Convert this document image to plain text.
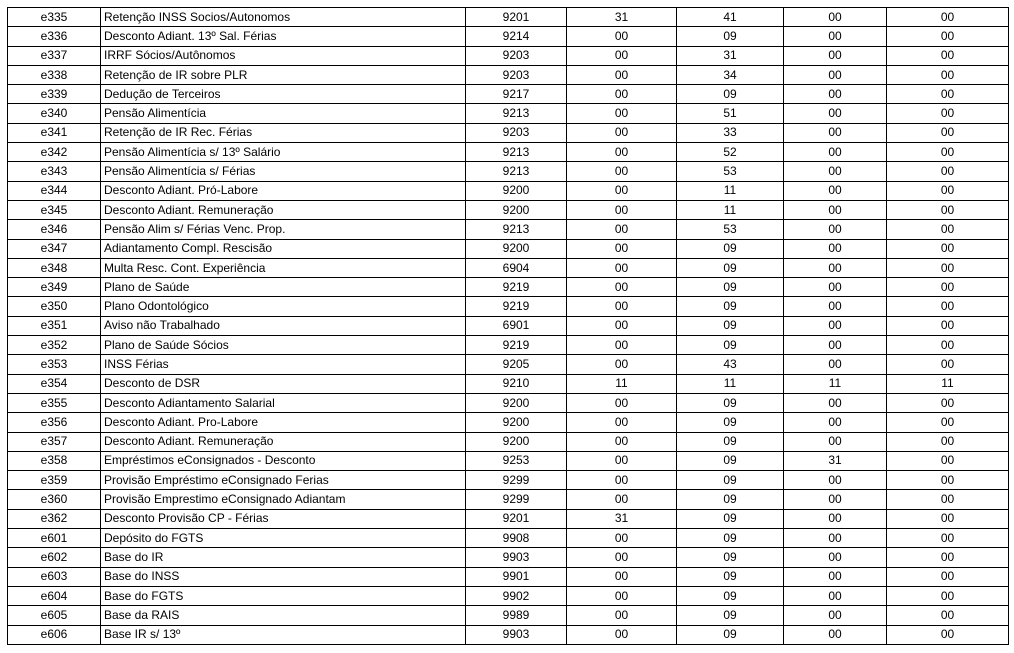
e335	Retenção INSS Socios/Autonomos	9201	31	41	00	00
e336	Desconto Adiant. 13º Sal. Férias	9214	00	09	00	00
e337	IRRF Sócios/Autônomos	9203	00	31	00	00
e338	Retenção de IR sobre PLR	9203	00	34	00	00
e339	Dedução de Terceiros	9217	00	09	00	00
e340	Pensão Alimentícia	9213	00	51	00	00
e341	Retenção de IR Rec. Férias	9203	00	33	00	00
e342	Pensão Alimentícia s/ 13º Salário	9213	00	52	00	00
e343	Pensão Alimentícia s/ Férias	9213	00	53	00	00
e344	Desconto Adiant. Pró-Labore	9200	00	11	00	00
e345	Desconto Adiant. Remuneração	9200	00	11	00	00
e346	Pensão Alim s/ Férias Venc. Prop.	9213	00	53	00	00
e347	Adiantamento Compl. Rescisão	9200	00	09	00	00
e348	Multa Resc. Cont. Experiência	6904	00	09	00	00
e349	Plano de Saúde	9219	00	09	00	00
e350	Plano Odontológico	9219	00	09	00	00
e351	Aviso não Trabalhado	6901	00	09	00	00
e352	Plano de Saúde Sócios	9219	00	09	00	00
e353	INSS Férias	9205	00	43	00	00
e354	Desconto de DSR	9210	11	11	11	11
e355	Desconto Adiantamento Salarial	9200	00	09	00	00
e356	Desconto Adiant. Pro-Labore	9200	00	09	00	00
e357	Desconto Adiant. Remuneração	9200	00	09	00	00
e358	Empréstimos eConsignados - Desconto	9253	00	09	31	00
e359	Provisão Empréstimo eConsignado Ferias	9299	00	09	00	00
e360	Provisão Emprestimo eConsignado Adiantam	9299	00	09	00	00
e362	Desconto Provisão CP - Férias	9201	31	09	00	00
e601	Depósito do FGTS	9908	00	09	00	00
e602	Base do IR	9903	00	09	00	00
e603	Base do INSS	9901	00	09	00	00
e604	Base do FGTS	9902	00	09	00	00
e605	Base da RAIS	9989	00	09	00	00
e606	Base IR s/ 13º	9903	00	09	00	00
